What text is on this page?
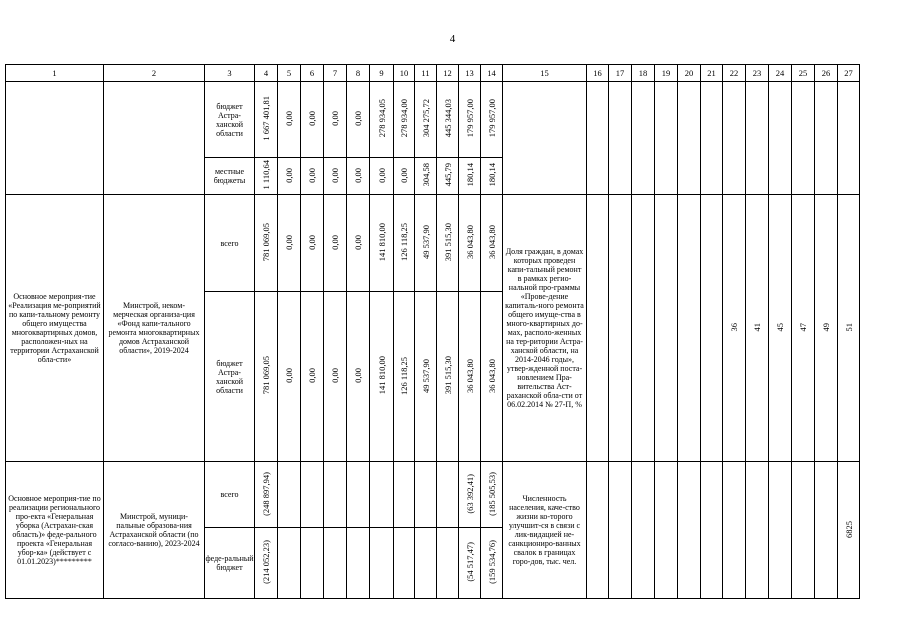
4
1	2	3	4	5	6	7	8	9	10	11	12	13	14	15	16	17	18	19	20	21	22	23	24	25	26	27
		бюджет Астра-ханской области	1 667 401,81	0,00	0,00	0,00	0,00	278 934,05	278 934,00	304 275,72	445 344,03	179 957,00	179 957,00													
		местные бюджеты	1 110,64	0,00	0,00	0,00	0,00	0,00	0,00	304,58	445,79	180,14	180,14													
Основное мероприя-тие «Реализация ме-роприятий по капи-тальному ремонту общего имущества многоквартирных домов, расположен-ных на территории Астраханской обла-сти»	Минстрой, неком-мерческая организа-ция «Фонд капи-тального ремонта многоквартирных домов Астраханской области», 2019-2024	всего	781 069,05	0,00	0,00	0,00	0,00	141 810,00	126 118,25	49 537,90	391 515,30	36 043,80	36 043,80	Доля граждан, в домах которых проведен капи-тальный ремонт в рамках регио-нальной про-граммы «Прове-дение капиталь-ного ремонта общего имуще-ства в много-квартирных до-мах, располо-женных на тер-ритории Астра-ханской области, на 2014-2046 годы», утвер-жденной поста-новлением Пра-вительства Аст-раханской обла-сти от 06.02.2014 № 27-П, %							36	41	45	47	49	51
		бюджет Астра-ханской области	781 069,05	0,00	0,00	0,00	0,00	141 810,00	126 118,25	49 537,90	391 515,30	36 043,80	36 043,80													
Основное мероприя-тие по реализации регионального про-екта «Генеральная уборка (Астрахан-ская область)» феде-рального проекта «Генеральная убор-ка» (действует с 01.01.2023)*********	Минстрой, муници-пальные образова-ния Астраханской области (по согласо-ванию), 2023-2024	всего	(248 897,94)									(63 392,41)	(185 505,53)	Численность населения, каче-ство жизни ко-торого улучшит-ся в связи с лик-видацией не-санкциониро-ванных свалок в границах горо-дов, тыс. чел.												6825
		феде-ральный бюджет	(214 052,23)									(54 517,47)	(159 534,76)													
